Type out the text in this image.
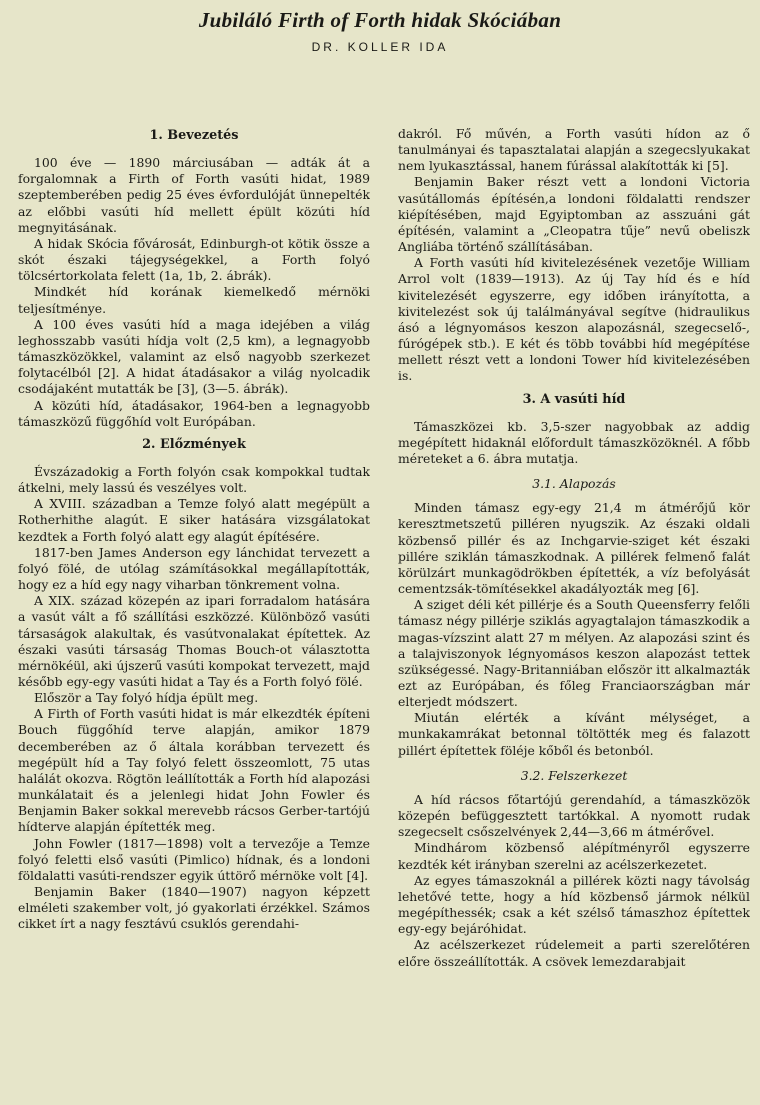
Jubiláló Firth of Forth hidak Skóciában
DR. KOLLER IDA
1. Bevezetés

100 éve — 1890 márciusában — adták át a forgalomnak a Firth of Forth vasúti hidat, 1989 szeptemberében pedig 25 éves évfordulóját ünnepelték az előbbi vasúti híd mellett épült közúti híd megnyitásának.

A hidak Skócia fővárosát, Edinburgh-ot kötik össze a skót északi tájegységekkel, a Forth folyó tölcsértorkolata felett (1a, 1b, 2. ábrák).

Mindkét híd korának kiemelkedő mérnöki teljesítménye.

A 100 éves vasúti híd a maga idejében a világ leghosszabb vasúti hídja volt (2,5 km), a legnagyobb támaszközökkel, valamint az első nagyobb szerkezet folytacélból [2]. A hidat átadásakor a világ nyolcadik csodájaként mutatták be [3], (3—5. ábrák).

A közúti híd, átadásakor, 1964-ben a legnagyobb támaszközű függőhíd volt Európában.

2. Előzmények

Évszázadokig a Forth folyón csak kompokkal tudtak átkelni, mely lassú és veszélyes volt.

A XVIII. században a Temze folyó alatt megépült a Rotherhithe alagút. E siker hatására vizsgálatokat kezdtek a Forth folyó alatt egy alagút építésére.

1817-ben James Anderson egy lánchidat tervezett a folyó fölé, de utólag számításokkal megállapították, hogy ez a híd egy nagy viharban tönkrement volna.

A XIX. század közepén az ipari forradalom hatására a vasút vált a fő szállítási eszközzé. Különböző vasúti társaságok alakultak, és vasútvonalakat építettek. Az északi vasúti társaság Thomas Bouch-ot választotta mérnökéül, aki újszerű vasúti kompokat tervezett, majd később egy-egy vasúti hidat a Tay és a Forth folyó fölé.

Először a Tay folyó hídja épült meg.

A Firth of Forth vasúti hidat is már elkezdték építeni Bouch függőhíd terve alapján, amikor 1879 decemberében az ő általa korábban tervezett és megépült híd a Tay folyó felett összeomlott, 75 utas halálát okozva. Rögtön leállították a Forth híd alapozási munkálatait és a jelenlegi hidat John Fowler és Benjamin Baker sokkal merevebb rácsos Gerber-tartójú hídterve alapján építették meg.

John Fowler (1817—1898) volt a tervezője a Temze folyó feletti első vasúti (Pimlico) hídnak, és a londoni földalatti vasúti-rendszer egyik úttörő mérnöke volt [4].

Benjamin Baker (1840—1907) nagyon képzett elméleti szakember volt, jó gyakorlati érzékkel. Számos cikket írt a nagy fesztávú csuklós gerendahi-

dakról. Fő művén, a Forth vasúti hídon az ő tanulmányai és tapasztalatai alapján a szegecslyukakat nem lyukasztással, hanem fúrással alakították ki [5].

Benjamin Baker részt vett a londoni Victoria vasútállomás építésén,a londoni földalatti rendszer kiépítésében, majd Egyiptomban az asszuáni gát építésén, valamint a „Cleopatra tűje” nevű obeliszk Angliába történő szállításában.

A Forth vasúti híd kivitelezésének vezetője William Arrol volt (1839—1913). Az új Tay híd és e híd kivitelezését egyszerre, egy időben irányította, a kivitelezést sok új találmányával segítve (hidraulikus ásó a légnyomásos keszon alapozásnál, szegecselő-, fúrógépek stb.). E két és több további híd megépítése mellett részt vett a londoni Tower híd kivitelezésében is.

3. A vasúti híd

Támaszközei kb. 3,5-szer nagyobbak az addig megépített hidaknál előfordult támaszközöknél. A főbb méreteket a 6. ábra mutatja.

3.1. Alapozás

Minden támasz egy-egy 21,4 m átmérőjű kör keresztmetszetű pilléren nyugszik. Az északi oldali közbenső pillér és az Inchgarvie-sziget két északi pillére sziklán támaszkodnak. A pillérek felmenő falát körülzárt munkagödrökben építették, a víz befolyását cementzsák-tömítésekkel akadályozták meg [6].

A sziget déli két pillérje és a South Queensferry felőli támasz négy pillérje sziklás agyagtalajon támaszkodik a magas-vízszint alatt 27 m mélyen. Az alapozási szint és a talajviszonyok légnyomásos keszon alapozást tettek szükségessé. Nagy-Britanniában először itt alkalmazták ezt az Európában, és főleg Franciaországban már elterjedt módszert.

Miután elérték a kívánt mélységet, a munkakamrákat betonnal töltötték meg és falazott pillért építettek föléje kőből és betonból.

3.2. Felszerkezet

A híd rácsos főtartójú gerendahíd, a támaszközök közepén befüggesztett tartókkal. A nyomott rudak szegecselt csőszelvények 2,44—3,66 m átmérővel.

Mindhárom közbenső alépítményről egyszerre kezdték két irányban szerelni az acélszerkezetet.

Az egyes támaszoknál a pillérek közti nagy távolság lehetővé tette, hogy a híd közbenső jármok nélkül megépíthessék; csak a két szélső támaszhoz építettek egy-egy bejáróhidat.

Az acélszerkezet rúdelemeit a parti szerelőtéren előre összeállították. A csövek lemezdarabjait
